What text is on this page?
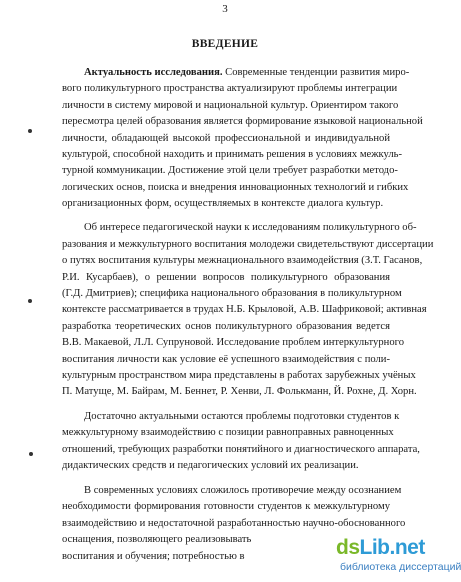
3
ВВЕДЕНИЕ
Актуальность исследования. Современные тенденции развития миро-
вого поликультурного пространства актуализируют проблемы интеграции
личности в систему мировой и национальной культур. Ориентиром такого
пересмотра целей образования является формирование языковой национальной
личности, обладающей высокой профессиональной и индивидуальной
культурой, способной находить и принимать решения в условиях межкуль-
турной коммуникации. Достижение этой цели требует разработки методо-
логических основ, поиска и внедрения инновационных технологий и гибких
организационных форм, осуществляемых в контексте диалога культур.
Об интересе педагогической науки к исследованиям поликультурного об-
разования и межкультурного воспитания молодежи свидетельствуют диссертации
о путях воспитания культуры межнационального взаимодействия (З.Т. Гасанов,
Р.И. Кусарбаев), о решении вопросов поликультурного образования
(Г.Д. Дмитриев); специфика национального образования в поликультурном
контексте рассматривается в трудах Н.Б. Крыловой, А.В. Шафриковой; активная
разработка теоретических основ поликультурного образования ведется
В.В. Макаевой, Л.Л. Супруновой. Исследование проблем интеркультурного
воспитания личности как условие её успешного взаимодействия с поли-
культурным пространством мира представлены в работах зарубежных учёных
П. Матуще, М. Байрам, М. Беннет, Р. Хенви, Л. Фолькманн, Й. Рохне, Д. Хорн.
Достаточно актуальными остаются проблемы подготовки студентов к
межкультурному взаимодействию с позиции равноправных равноценных
отношений, требующих разработки понятийного и диагностического аппарата,
дидактических средств и педагогических условий их реализации.
В современных условиях сложилось противоречие между осознанием
необходимости формирования готовности студентов к межкультурному
взаимодействию и недостаточной разработанностью научно-обоснованного
оснащения, позволяющего реализовывать
воспитания и обучения; потребностью в	dsLib.net
библиотека диссертаций
